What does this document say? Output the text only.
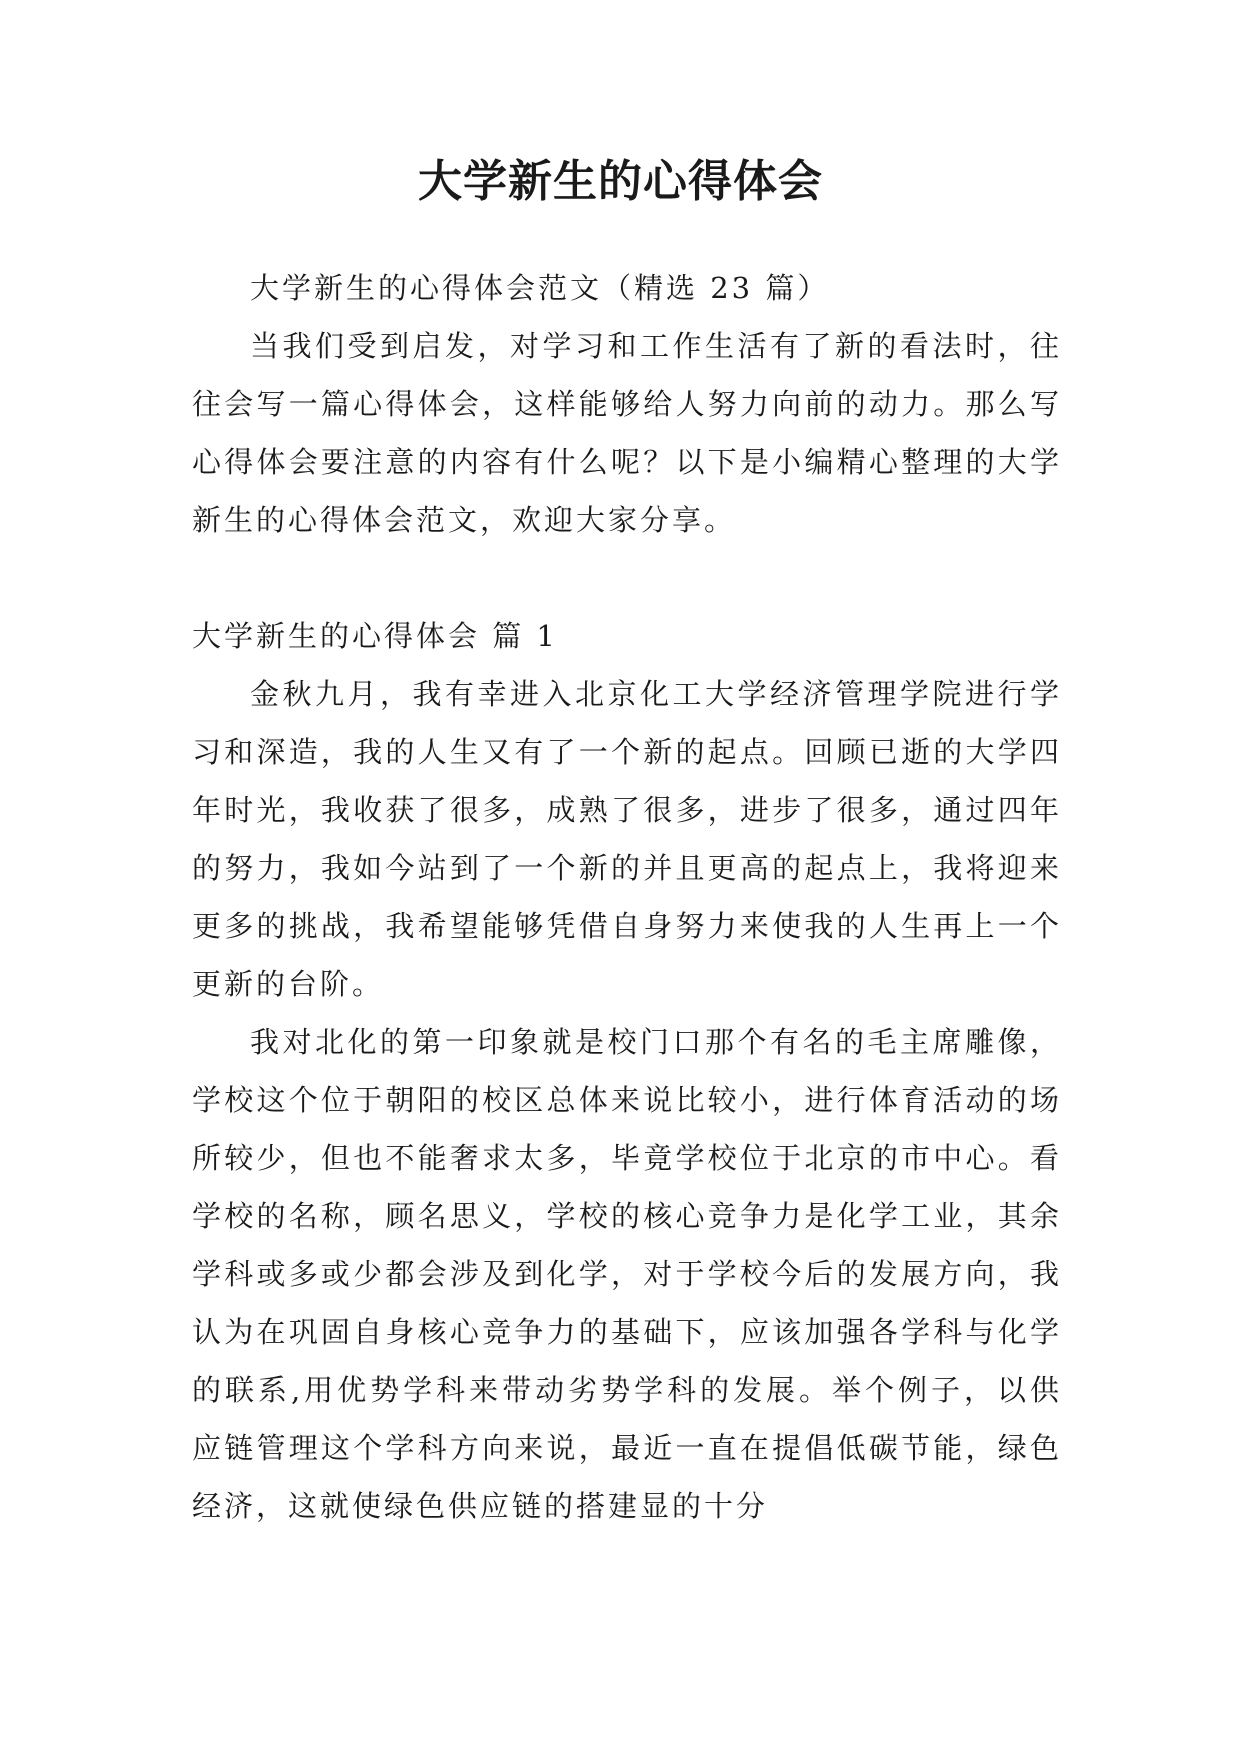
大学新生的心得体会

大学新生的心得体会范文（精选 23 篇）

当我们受到启发，对学习和工作生活有了新的看法时，往往会写一篇心得体会，这样能够给人努力向前的动力。那么写心得体会要注意的内容有什么呢？以下是小编精心整理的大学新生的心得体会范文，欢迎大家分享。

大学新生的心得体会 篇 1

金秋九月，我有幸进入北京化工大学经济管理学院进行学习和深造，我的人生又有了一个新的起点。回顾已逝的大学四年时光，我收获了很多，成熟了很多，进步了很多，通过四年的努力，我如今站到了一个新的并且更高的起点上，我将迎来更多的挑战，我希望能够凭借自身努力来使我的人生再上一个更新的台阶。

我对北化的第一印象就是校门口那个有名的毛主席雕像，学校这个位于朝阳的校区总体来说比较小，进行体育活动的场所较少，但也不能奢求太多，毕竟学校位于北京的市中心。看学校的名称，顾名思义，学校的核心竞争力是化学工业，其余学科或多或少都会涉及到化学，对于学校今后的发展方向，我认为在巩固自身核心竞争力的基础下，应该加强各学科与化学的联系,用优势学科来带动劣势学科的发展。举个例子，以供应链管理这个学科方向来说，最近一直在提倡低碳节能，绿色经济，这就使绿色供应链的搭建显的十分
